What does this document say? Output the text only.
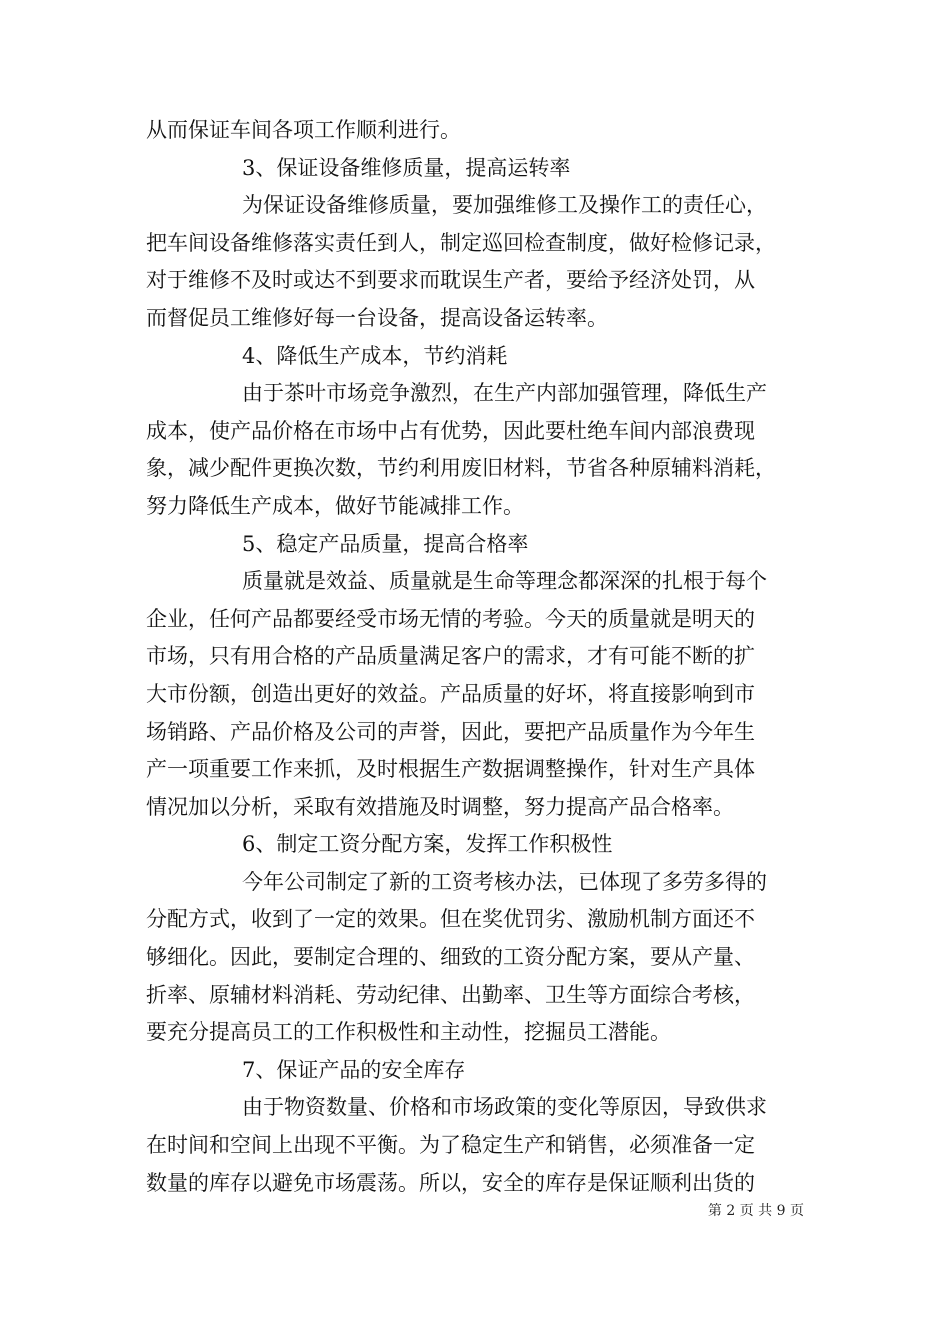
从而保证车间各项工作顺利进行。
3、保证设备维修质量，提高运转率
为保证设备维修质量，要加强维修工及操作工的责任心，
把车间设备维修落实责任到人，制定巡回检查制度，做好检修记录，
对于维修不及时或达不到要求而耽误生产者，要给予经济处罚，从
而督促员工维修好每一台设备，提高设备运转率。
4、降低生产成本，节约消耗
由于茶叶市场竞争激烈，在生产内部加强管理，降低生产
成本，使产品价格在市场中占有优势，因此要杜绝车间内部浪费现
象，减少配件更换次数，节约利用废旧材料，节省各种原辅料消耗，
努力降低生产成本，做好节能减排工作。
5、稳定产品质量，提高合格率
质量就是效益、质量就是生命等理念都深深的扎根于每个
企业，任何产品都要经受市场无情的考验。今天的质量就是明天的
市场，只有用合格的产品质量满足客户的需求，才有可能不断的扩
大市份额，创造出更好的效益。产品质量的好坏，将直接影响到市
场销路、产品价格及公司的声誉，因此，要把产品质量作为今年生
产一项重要工作来抓，及时根据生产数据调整操作，针对生产具体
情况加以分析，采取有效措施及时调整，努力提高产品合格率。
6、制定工资分配方案，发挥工作积极性
今年公司制定了新的工资考核办法，已体现了多劳多得的
分配方式，收到了一定的效果。但在奖优罚劣、激励机制方面还不
够细化。因此，要制定合理的、细致的工资分配方案，要从产量、
折率、原辅材料消耗、劳动纪律、出勤率、卫生等方面综合考核，
要充分提高员工的工作积极性和主动性，挖掘员工潜能。
7、保证产品的安全库存
由于物资数量、价格和市场政策的变化等原因，导致供求
在时间和空间上出现不平衡。为了稳定生产和销售，必须准备一定
数量的库存以避免市场震荡。所以，安全的库存是保证顺利出货的
第 2 页 共 9 页
